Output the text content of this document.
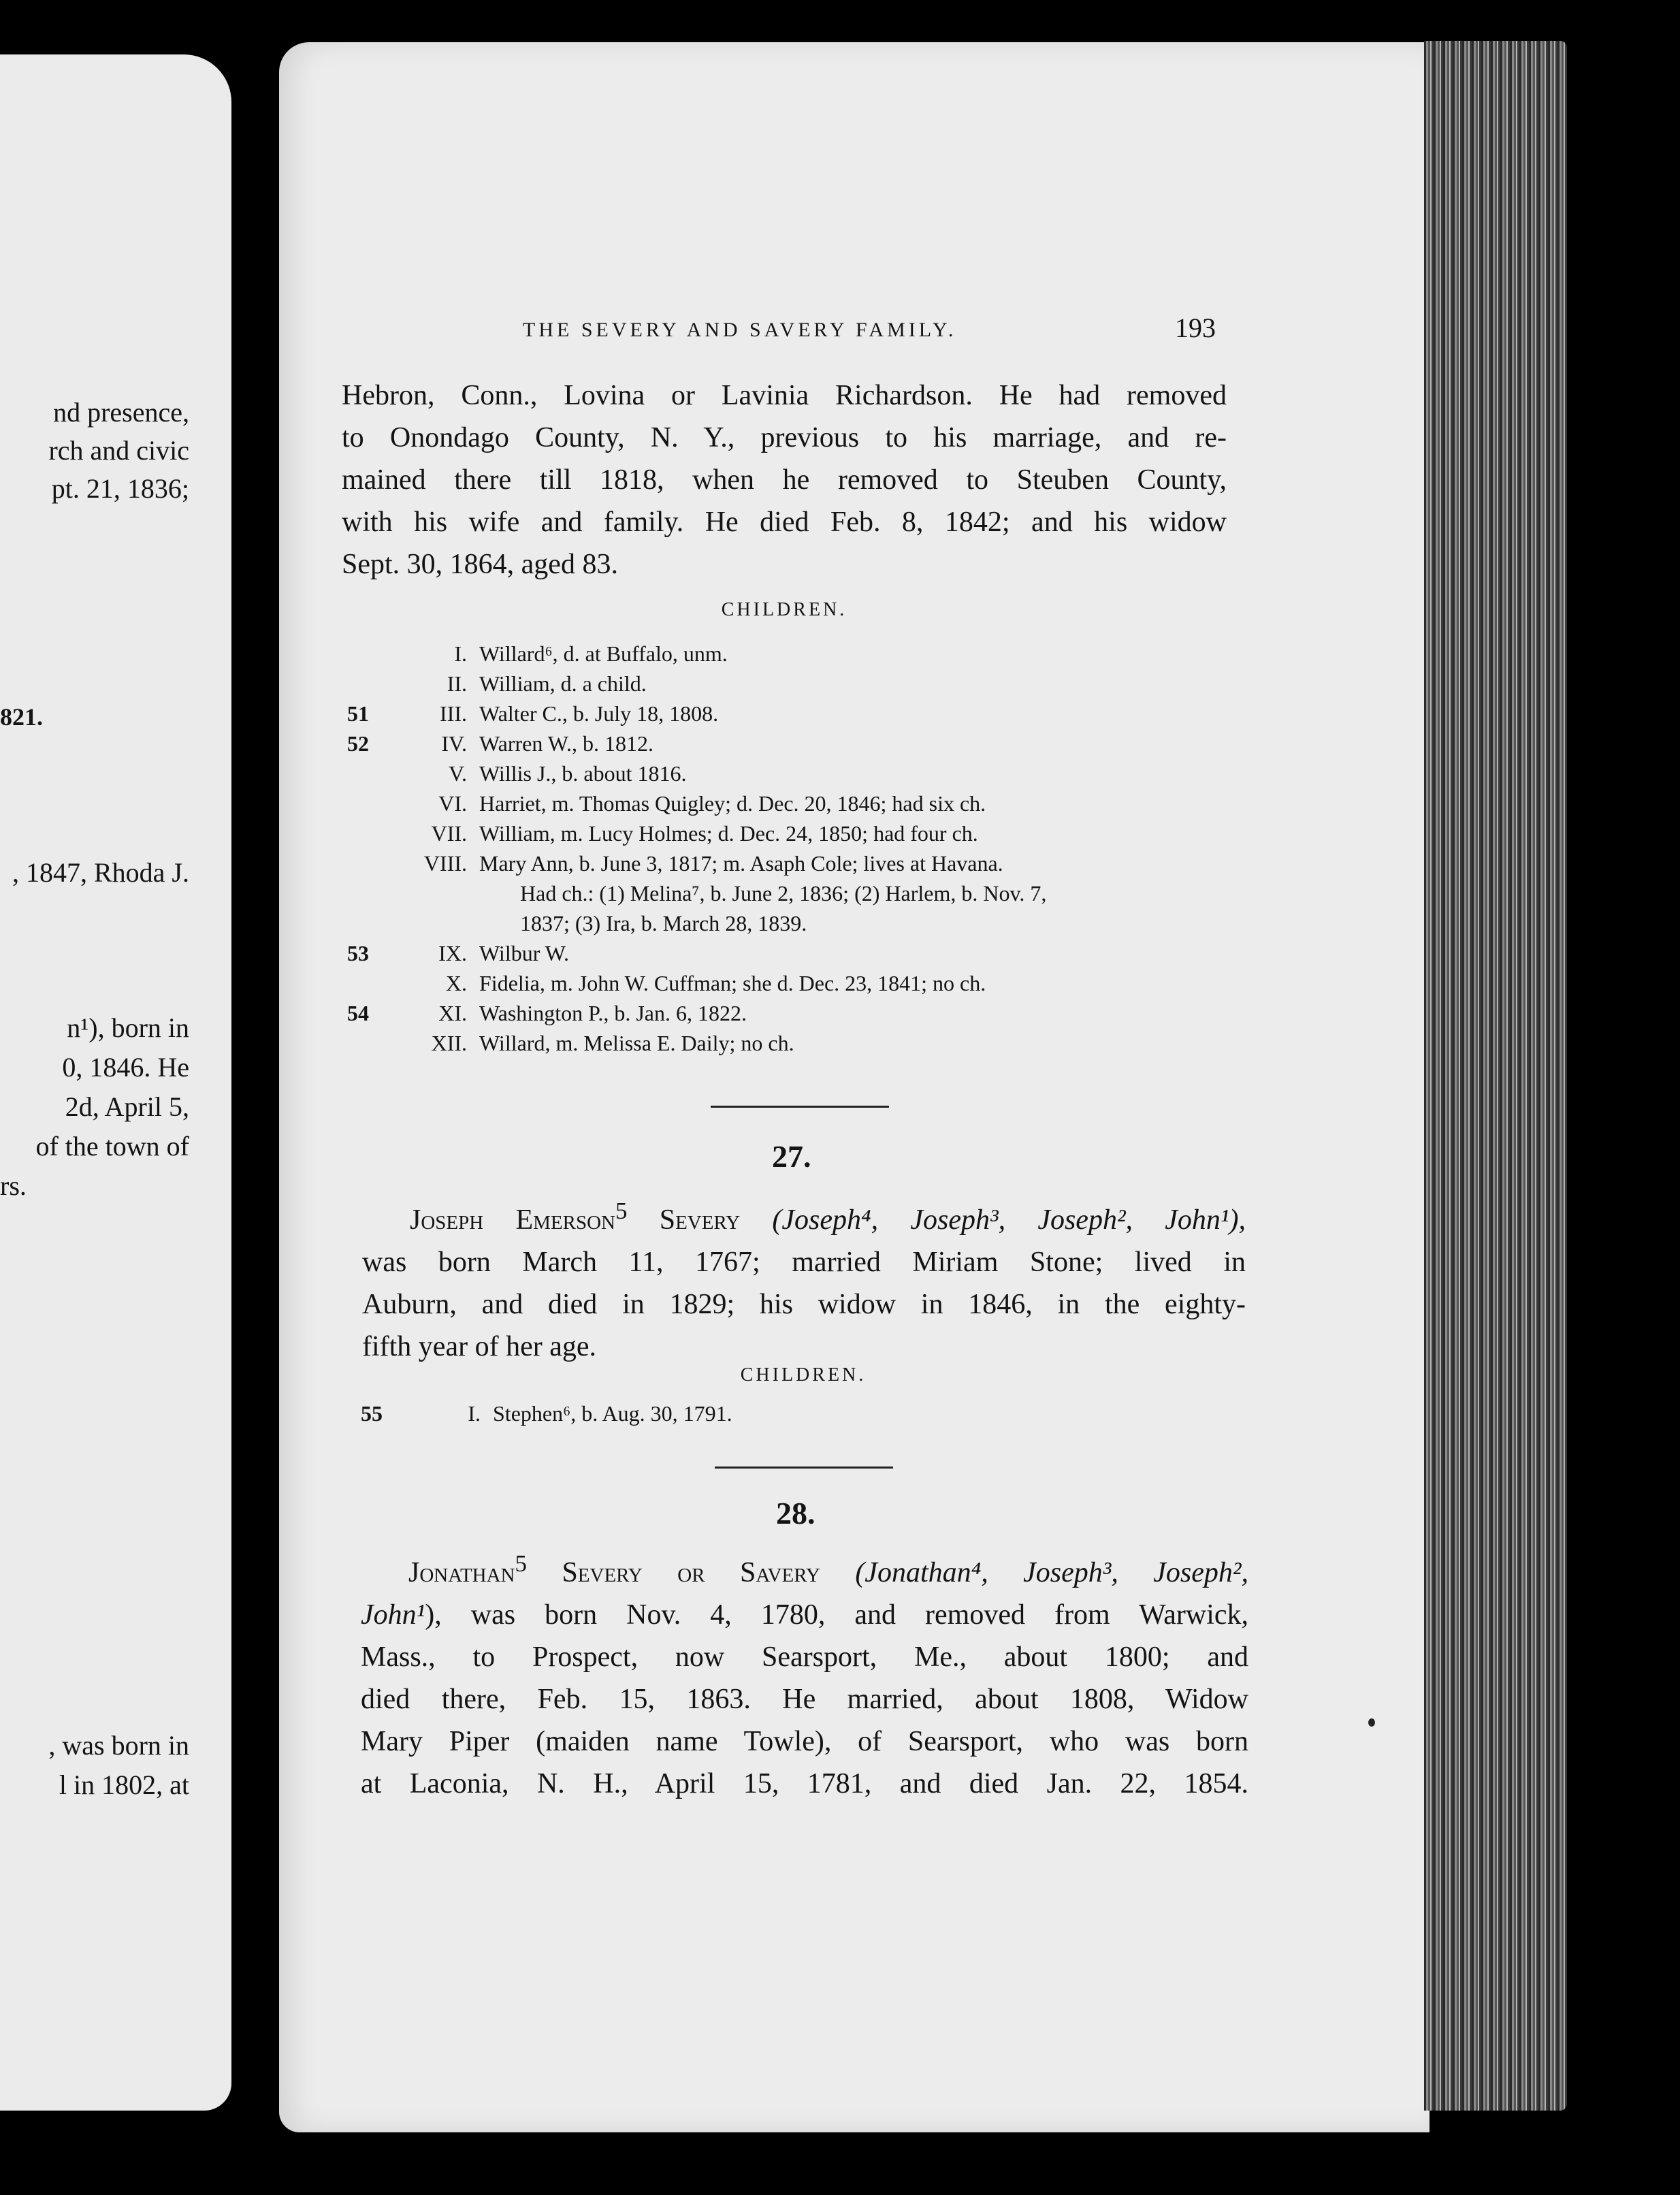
THE SEVERY AND SAVERY FAMILY.	193
Hebron, Conn., Lovina or Lavinia Richardson. He had removed
to Onondago County, N. Y., previous to his marriage, and re-
mained there till 1818, when he removed to Steuben County,
with his wife and family. He died Feb. 8, 1842; and his widow
Sept. 30, 1864, aged 83.
CHILDREN.
I. Willard⁶, d. at Buffalo, unm.
II. William, d. a child.
51	III. Walter C., b. July 18, 1808.
52	IV. Warren W., b. 1812.
V. Willis J., b. about 1816.
VI. Harriet, m. Thomas Quigley; d. Dec. 20, 1846; had six ch.
VII. William, m. Lucy Holmes; d. Dec. 24, 1850; had four ch.
VIII. Mary Ann, b. June 3, 1817; m. Asaph Cole; lives at Havana.
Had ch.: (1) Melina⁷, b. June 2, 1836; (2) Harlem, b. Nov. 7,
1837; (3) Ira, b. March 28, 1839.
53	IX. Wilbur W.
X. Fidelia, m. John W. Cuffman; she d. Dec. 23, 1841; no ch.
54	XI. Washington P., b. Jan. 6, 1822.
XII. Willard, m. Melissa E. Daily; no ch.
27.
Joseph Emerson$^5$ Severy (Joseph⁴, Joseph³, Joseph², John¹),
was born March 11, 1767; married Miriam Stone; lived in
Auburn, and died in 1829; his widow in 1846, in the eighty-
fifth year of her age.
CHILDREN.
55	I. Stephen⁶, b. Aug. 30, 1791.
28.
Jonathan$^5$ Severy or Savery (Jonathan⁴, Joseph³, Joseph²,
John¹), was born Nov. 4, 1780, and removed from Warwick,
Mass., to Prospect, now Searsport, Me., about 1800; and
died there, Feb. 15, 1863. He married, about 1808, Widow
Mary Piper (maiden name Towle), of Searsport, who was born
at Laconia, N. H., April 15, 1781, and died Jan. 22, 1854.
nd presence,
rch and civic
pt. 21, 1836;
821.
, 1847, Rhoda J.
n¹), born in
0, 1846. He
2d, April 5,
of the town of
rs.
, was born in
l in 1802, at
